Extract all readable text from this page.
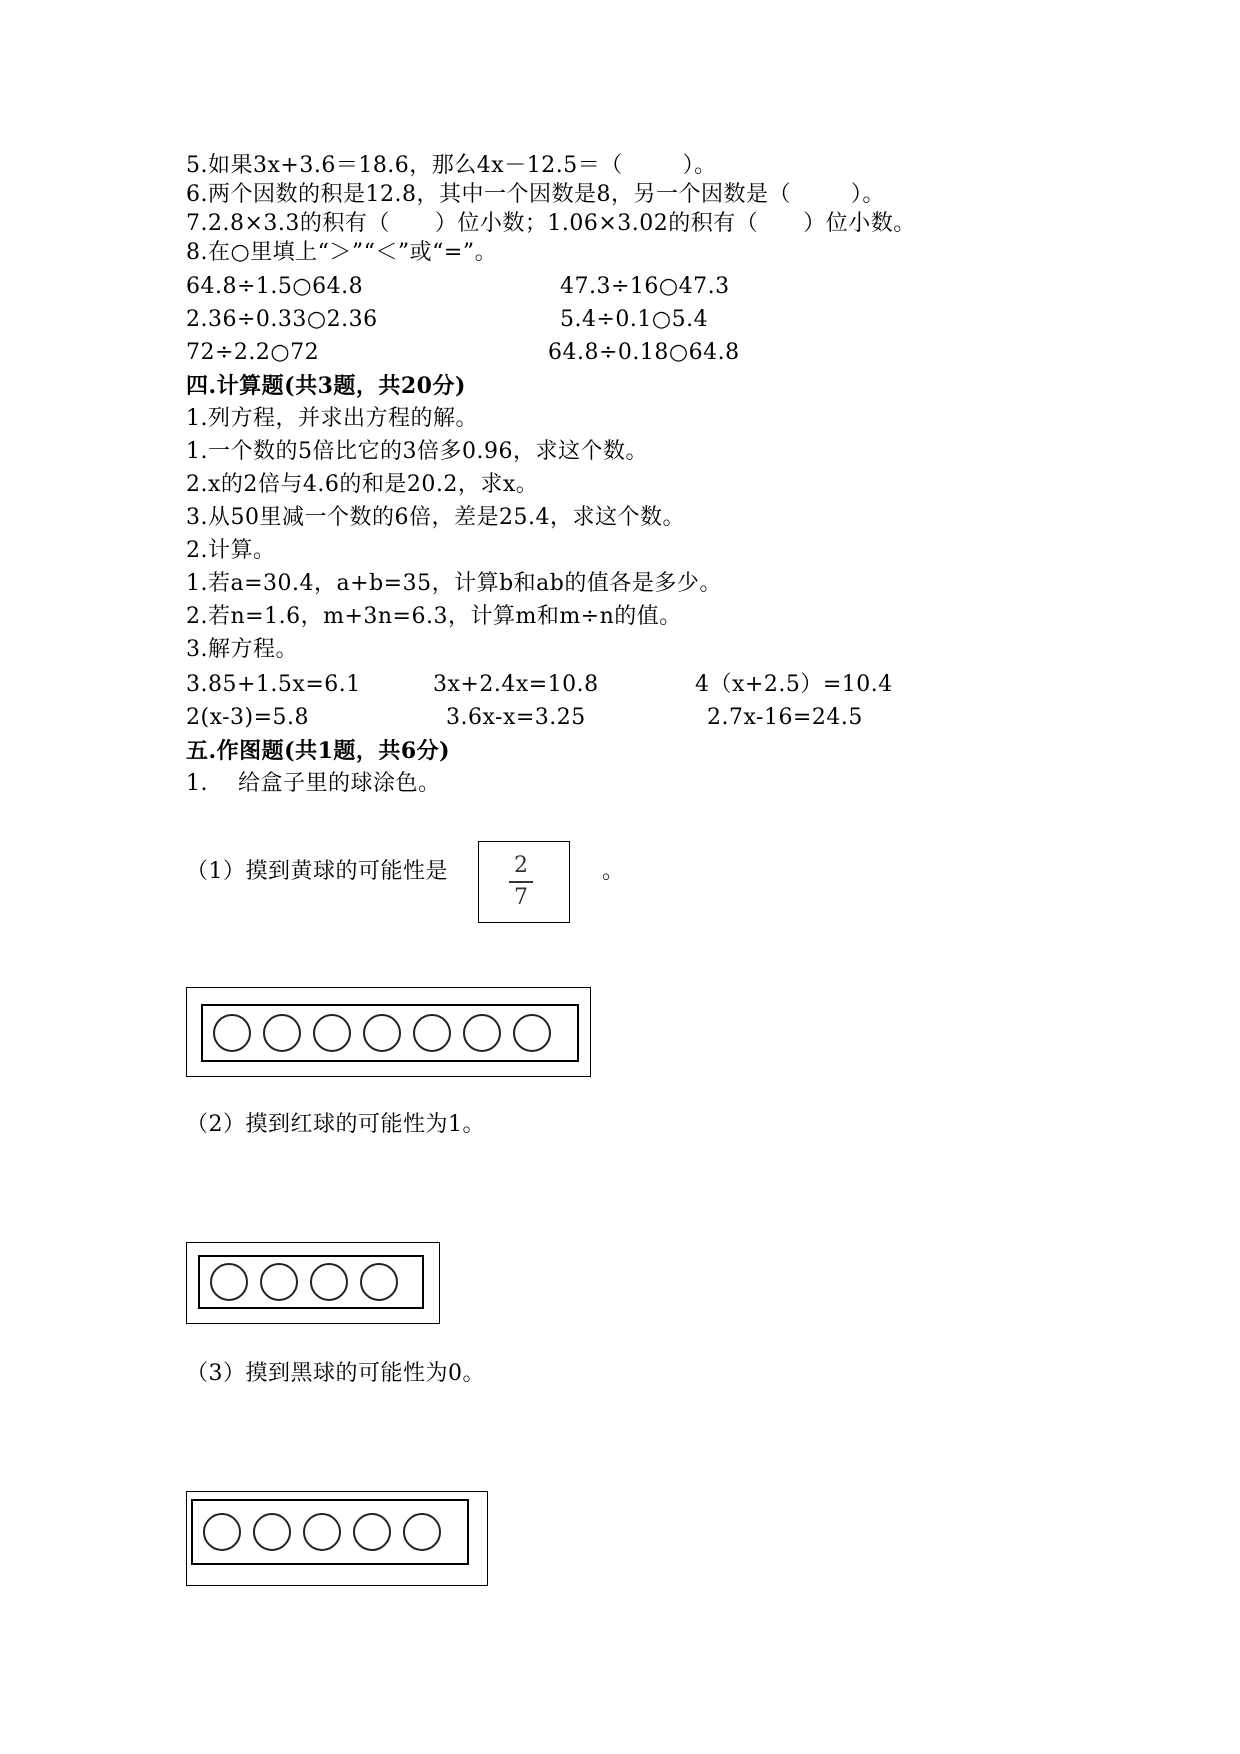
5.如果3x+3.6＝18.6，那么4x－12.5＝（        ）。
6.两个因数的积是12.8，其中一个因数是8，另一个因数是（        ）。
7.2.8×3.3的积有（      ）位小数；1.06×3.02的积有（      ）位小数。
8.在○里填上“＞”“＜”或“=”。
64.8÷1.5○64.8	47.3÷16○47.3
2.36÷0.33○2.36	5.4÷0.1○5.4
72÷2.2○72	64.8÷0.18○64.8
四.计算题(共3题，共20分)
1.列方程，并求出方程的解。
1.一个数的5倍比它的3倍多0.96，求这个数。
2.x的2倍与4.6的和是20.2，求x。
3.从50里减一个数的6倍，差是25.4，求这个数。
2.计算。
1.若a=30.4，a+b=35，计算b和ab的值各是多少。
2.若n=1.6，m+3n=6.3，计算m和m÷n的值。
3.解方程。
3.85+1.5x=6.1	3x+2.4x=10.8	4（x+2.5）=10.4
2(x-3)=5.8	3.6x-x=3.25	2.7x-16=24.5
五.作图题(共1题，共6分)
1.    给盒子里的球涂色。
（1）摸到黄球的可能性是	2
7
。
（2）摸到红球的可能性为1。
（3）摸到黑球的可能性为0。
